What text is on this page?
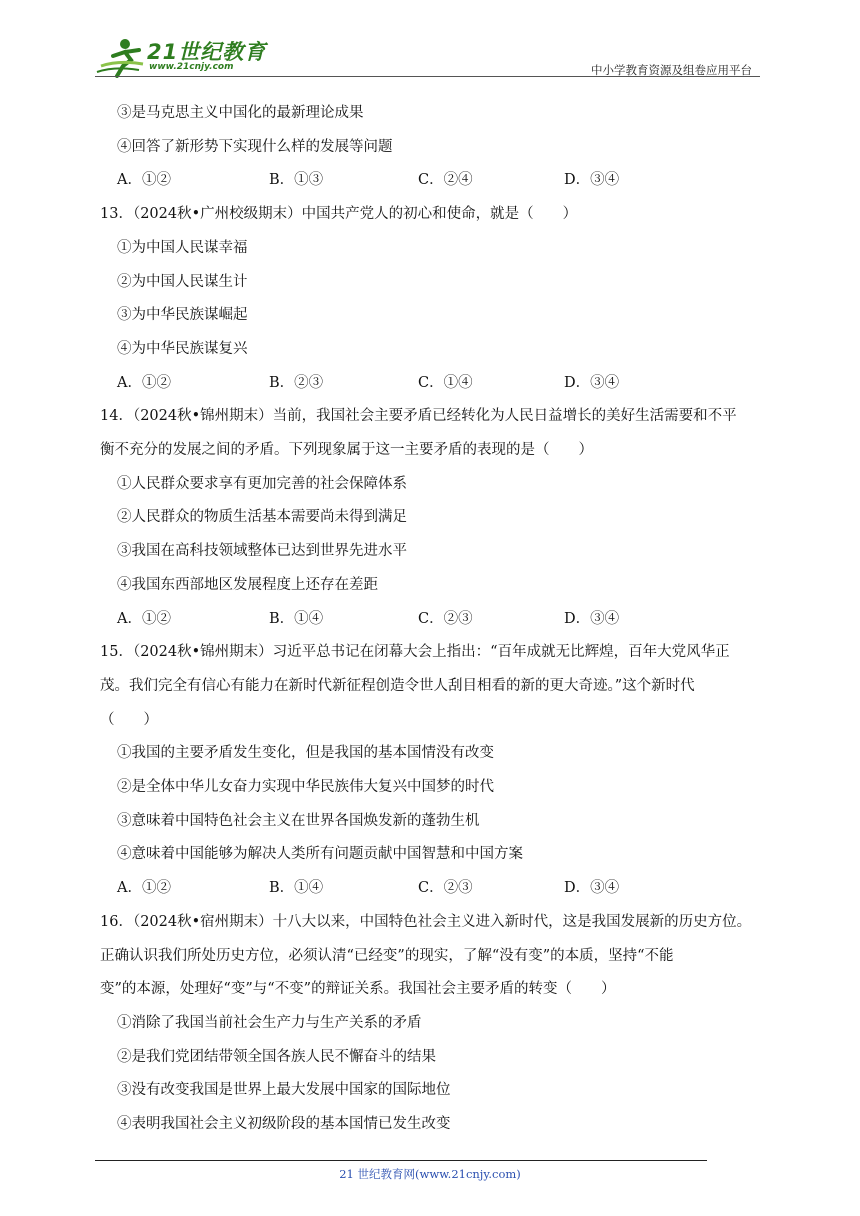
21世纪教育
www.21cnjy.com	中小学教育资源及组卷应用平台
③是马克思主义中国化的最新理论成果
④回答了新形势下实现什么样的发展等问题
A．①②	B．①③	C．②④	D．③④
13．（2024秋•广州校级期末）中国共产党人的初心和使命，就是（　　）
①为中国人民谋幸福
②为中国人民谋生计
③为中华民族谋崛起
④为中华民族谋复兴
A．①②	B．②③	C．①④	D．③④
14．（2024秋•锦州期末）当前，我国社会主要矛盾已经转化为人民日益增长的美好生活需要和不平
衡不充分的发展之间的矛盾。下列现象属于这一主要矛盾的表现的是（　　）
①人民群众要求享有更加完善的社会保障体系
②人民群众的物质生活基本需要尚未得到满足
③我国在高科技领域整体已达到世界先进水平
④我国东西部地区发展程度上还存在差距
A．①②	B．①④	C．②③	D．③④
15．（2024秋•锦州期末）习近平总书记在闭幕大会上指出：“百年成就无比辉煌，百年大党风华正
茂。我们完全有信心有能力在新时代新征程创造令世人刮目相看的新的更大奇迹。”这个新时代
（　　）
①我国的主要矛盾发生变化，但是我国的基本国情没有改变
②是全体中华儿女奋力实现中华民族伟大复兴中国梦的时代
③意味着中国特色社会主义在世界各国焕发新的蓬勃生机
④意味着中国能够为解决人类所有问题贡献中国智慧和中国方案
A．①②	B．①④	C．②③	D．③④
16．（2024秋•宿州期末）十八大以来，中国特色社会主义进入新时代，这是我国发展新的历史方位。
正确认识我们所处历史方位，必须认清“已经变”的现实，了解“没有变”的本质，坚持“不能
变”的本源，处理好“变”与“不变”的辩证关系。我国社会主要矛盾的转变（　　）
①消除了我国当前社会生产力与生产关系的矛盾
②是我们党团结带领全国各族人民不懈奋斗的结果
③没有改变我国是世界上最大发展中国家的国际地位
④表明我国社会主义初级阶段的基本国情已发生改变
21 世纪教育网(www.21cnjy.com)
